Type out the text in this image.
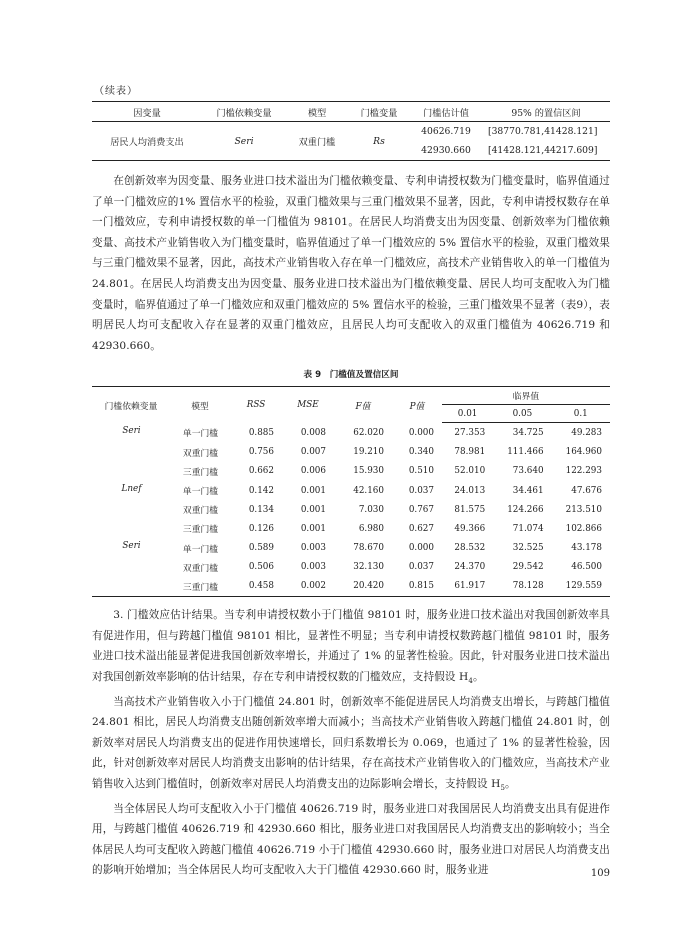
（续表）
因变量	门槛依赖变量	模型	门槛变量	门槛估计值	95% 的置信区间
居民人均消费支出	Seri	双重门槛	Rs	40626.719	[38770.781,41428.121]
				42930.660	[41428.121,44217.609]

在创新效率为因变量、服务业进口技术溢出为门槛依赖变量、专利申请授权数为门槛变量时，临界值通过了单一门槛效应的1% 置信水平的检验，双重门槛效果与三重门槛效果不显著，因此，专利申请授权数存在单一门槛效应，专利申请授权数的单一门槛值为 98101。在居民人均消费支出为因变量、创新效率为门槛依赖变量、高技术产业销售收入为门槛变量时，临界值通过了单一门槛效应的 5% 置信水平的检验，双重门槛效果与三重门槛效果不显著，因此，高技术产业销售收入存在单一门槛效应，高技术产业销售收入的单一门槛值为 24.801。在居民人均消费支出为因变量、服务业进口技术溢出为门槛依赖变量、居民人均可支配收入为门槛变量时，临界值通过了单一门槛效应和双重门槛效应的 5% 置信水平的检验，三重门槛效果不显著（表9），表明居民人均可支配收入存在显著的双重门槛效应，且居民人均可支配收入的双重门槛值为 40626.719 和 42930.660。

表 9　门槛值及置信区间
门槛依赖变量	模型	RSS	MSE	F值	P值	临界值		
						0.01	0.05	0.1
Seri	单一门槛	0.885	0.008	62.020	0.000	27.353	34.725	49.283
	双重门槛	0.756	0.007	19.210	0.340	78.981	111.466	164.960
	三重门槛	0.662	0.006	15.930	0.510	52.010	73.640	122.293
Lnef	单一门槛	0.142	0.001	42.160	0.037	24.013	34.461	47.676
	双重门槛	0.134	0.001	7.030	0.767	81.575	124.266	213.510
	三重门槛	0.126	0.001	6.980	0.627	49.366	71.074	102.866
Seri	单一门槛	0.589	0.003	78.670	0.000	28.532	32.525	43.178
	双重门槛	0.506	0.003	32.130	0.037	24.370	29.542	46.500
	三重门槛	0.458	0.002	20.420	0.815	61.917	78.128	129.559

3. 门槛效应估计结果。当专利申请授权数小于门槛值 98101 时，服务业进口技术溢出对我国创新效率具有促进作用，但与跨越门槛值 98101 相比，显著性不明显；当专利申请授权数跨越门槛值 98101 时，服务业进口技术溢出能显著促进我国创新效率增长，并通过了 1% 的显著性检验。因此，针对服务业进口技术溢出对我国创新效率影响的估计结果，存在专利申请授权数的门槛效应，支持假设 $H_4$。

当高技术产业销售收入小于门槛值 24.801 时，创新效率不能促进居民人均消费支出增长，与跨越门槛值 24.801 相比，居民人均消费支出随创新效率增大而减小；当高技术产业销售收入跨越门槛值 24.801 时，创新效率对居民人均消费支出的促进作用快速增长，回归系数增长为 0.069，也通过了 1% 的显著性检验，因此，针对创新效率对居民人均消费支出影响的估计结果，存在高技术产业销售收入的门槛效应，当高技术产业销售收入达到门槛值时，创新效率对居民人均消费支出的边际影响会增长，支持假设 $H_5$。

当全体居民人均可支配收入小于门槛值 40626.719 时，服务业进口对我国居民人均消费支出具有促进作用，与跨越门槛值 40626.719 和 42930.660 相比，服务业进口对我国居民人均消费支出的影响较小；当全体居民人均可支配收入跨越门槛值 40626.719 小于门槛值 42930.660 时，服务业进口对居民人均消费支出的影响开始增加；当全体居民人均可支配收入大于门槛值 42930.660 时，服务业进	109
